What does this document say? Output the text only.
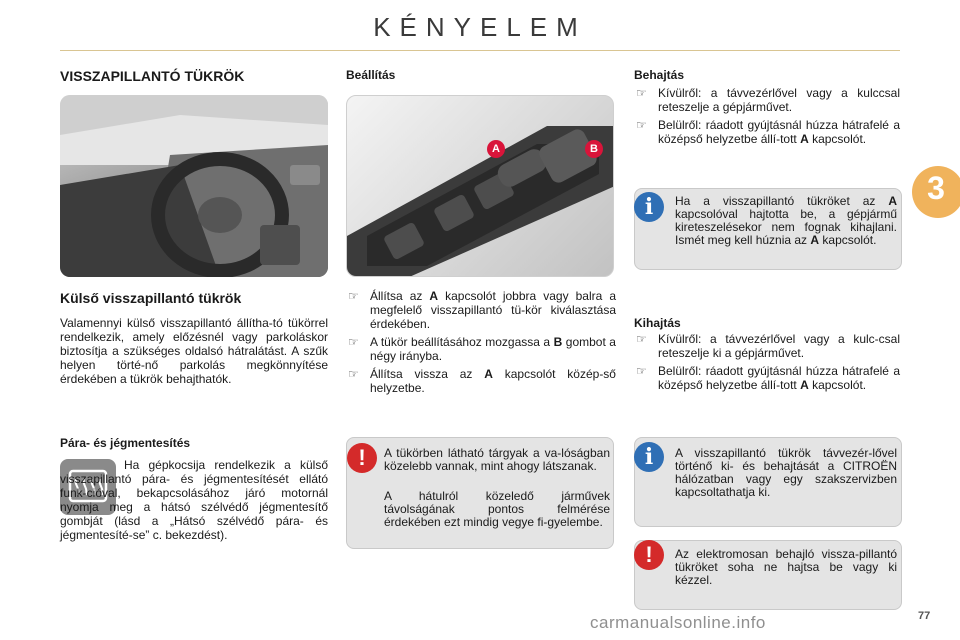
KÉNYELEM
3
VISSZAPILLANTÓ TÜKRÖK
Külső visszapillantó tükrök
Valamennyi külső visszapillantó állítha-tó tükörrel rendelkezik, amely előzésnél vagy parkoláskor biztosítja a szükséges oldalsó hátralátást. A szűk helyen törté-nő parkolás megkönnyítése érdekében a tükrök behajthatók.
Pára- és jégmentesítés
Ha gépkocsija rendelkezik a külső visszapillantó pára- és jégmentesítését ellátó funk-cióval, bekapcsolásához járó motornál nyomja meg a hátsó szélvédő jégmentesítő gombját (lásd a „Hátsó szélvédő pára- és jégmentesíté-se” c. bekezdést).
Beállítás
A	B
☞ Állítsa az A kapcsolót jobbra vagy balra a megfelelő visszapillantó tü-kör kiválasztása érdekében.
☞ A tükör beállításához mozgassa a B gombot a négy irányba.
☞ Állítsa vissza az A kapcsolót közép-ső helyzetbe.
!	A tükörben látható tárgyak a va-lóságban közelebb vannak, mint ahogy látszanak.
A hátulról közeledő járművek távolságának pontos felmérése érdekében ezt mindig vegye fi-gyelembe.
Behajtás
☞ Kívülről: a távvezérlővel vagy a kulccsal reteszelje a gépjárművet.
☞ Belülről: ráadott gyújtásnál húzza hátrafelé a középső helyzetbe állí-tott A kapcsolót.
i	Ha a visszapillantó tükröket az A kapcsolóval hajtotta be, a gépjármű kireteszelésekor nem fognak kihajlani. Ismét meg kell húznia az A kapcsolót.
Kihajtás
☞ Kívülről: a távvezérlővel vagy a kulc-csal reteszelje ki a gépjárművet.
☞ Belülről: ráadott gyújtásnál húzza hátrafelé a középső helyzetbe állí-tott A kapcsolót.
i	A visszapillantó tükrök távvezér-lővel történő ki- és behajtását a CITROËN hálózatban vagy egy szakszervizben kapcsoltathatja ki.
!	Az elektromosan behajló vissza-pillantó tükröket soha ne hajtsa be vagy ki kézzel.
carmanualsonline.info	77
